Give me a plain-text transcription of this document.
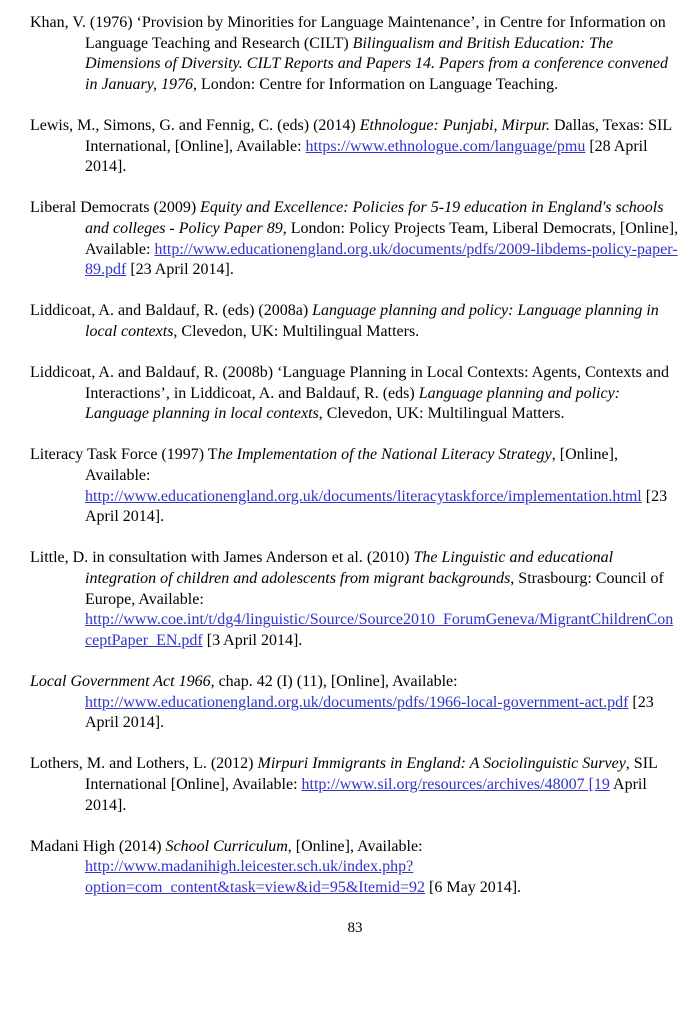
Khan, V. (1976) ‘Provision by Minorities for Language Maintenance’, in Centre for Information on Language Teaching and Research (CILT) Bilingualism and British Education: The Dimensions of Diversity. CILT Reports and Papers 14. Papers from a conference convened in January, 1976, London: Centre for Information on Language Teaching.

Lewis, M., Simons, G. and Fennig, C. (eds) (2014) Ethnologue: Punjabi, Mirpur. Dallas, Texas: SIL International, [Online], Available: https://www.ethnologue.com/language/pmu [28 April 2014].

Liberal Democrats (2009) Equity and Excellence: Policies for 5-19 education in England's schools and colleges - Policy Paper 89, London: Policy Projects Team, Liberal Democrats, [Online], Available: http://www.educationengland.org.uk/documents/pdfs/2009-libdems-policy-paper-89.pdf [23 April 2014].

Liddicoat, A. and Baldauf, R. (eds) (2008a) Language planning and policy: Language planning in local contexts, Clevedon, UK: Multilingual Matters.

Liddicoat, A. and Baldauf, R. (2008b) ‘Language Planning in Local Contexts: Agents, Contexts and Interactions’, in Liddicoat, A. and Baldauf, R. (eds) Language planning and policy: Language planning in local contexts, Clevedon, UK: Multilingual Matters.

Literacy Task Force (1997) The Implementation of the National Literacy Strategy, [Online], Available: http://www.educationengland.org.uk/documents/literacytaskforce/implementation.html [23 April 2014].

Little, D. in consultation with James Anderson et al. (2010) The Linguistic and educational integration of children and adolescents from migrant backgrounds, Strasbourg: Council of Europe, Available: http://www.coe.int/t/dg4/linguistic/Source/Source2010_ForumGeneva/MigrantChildrenConceptPaper_EN.pdf [3 April 2014].

Local Government Act 1966, chap. 42 (I) (11), [Online], Available: http://www.educationengland.org.uk/documents/pdfs/1966-local-government-act.pdf [23 April 2014].

Lothers, M. and Lothers, L. (2012) Mirpuri Immigrants in England: A Sociolinguistic Survey, SIL International [Online], Available: http://www.sil.org/resources/archives/48007 [19 April 2014].

Madani High (2014) School Curriculum, [Online], Available: http://www.madanihigh.leicester.sch.uk/index.php?option=com_content&task=view&id=95&Itemid=92 [6 May 2014].

83
